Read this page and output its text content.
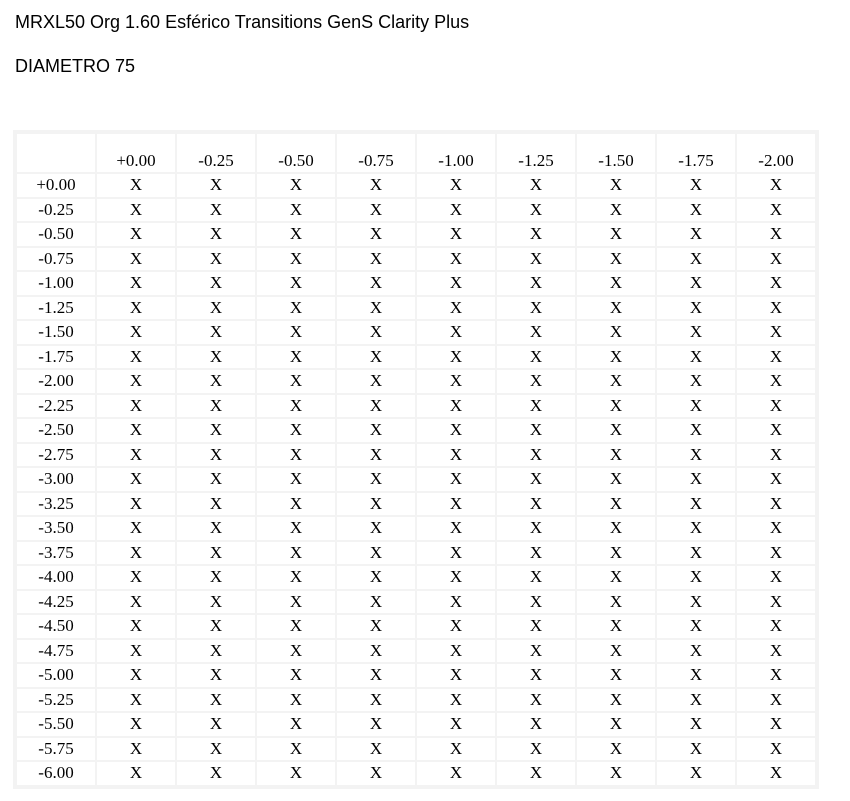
MRXL50 Org 1.60 Esférico Transitions GenS Clarity Plus
DIAMETRO 75
	+0.00	-0.25	-0.50	-0.75	-1.00	-1.25	-1.50	-1.75	-2.00
+0.00	X	X	X	X	X	X	X	X	X
-0.25	X	X	X	X	X	X	X	X	X
-0.50	X	X	X	X	X	X	X	X	X
-0.75	X	X	X	X	X	X	X	X	X
-1.00	X	X	X	X	X	X	X	X	X
-1.25	X	X	X	X	X	X	X	X	X
-1.50	X	X	X	X	X	X	X	X	X
-1.75	X	X	X	X	X	X	X	X	X
-2.00	X	X	X	X	X	X	X	X	X
-2.25	X	X	X	X	X	X	X	X	X
-2.50	X	X	X	X	X	X	X	X	X
-2.75	X	X	X	X	X	X	X	X	X
-3.00	X	X	X	X	X	X	X	X	X
-3.25	X	X	X	X	X	X	X	X	X
-3.50	X	X	X	X	X	X	X	X	X
-3.75	X	X	X	X	X	X	X	X	X
-4.00	X	X	X	X	X	X	X	X	X
-4.25	X	X	X	X	X	X	X	X	X
-4.50	X	X	X	X	X	X	X	X	X
-4.75	X	X	X	X	X	X	X	X	X
-5.00	X	X	X	X	X	X	X	X	X
-5.25	X	X	X	X	X	X	X	X	X
-5.50	X	X	X	X	X	X	X	X	X
-5.75	X	X	X	X	X	X	X	X	X
-6.00	X	X	X	X	X	X	X	X	X
